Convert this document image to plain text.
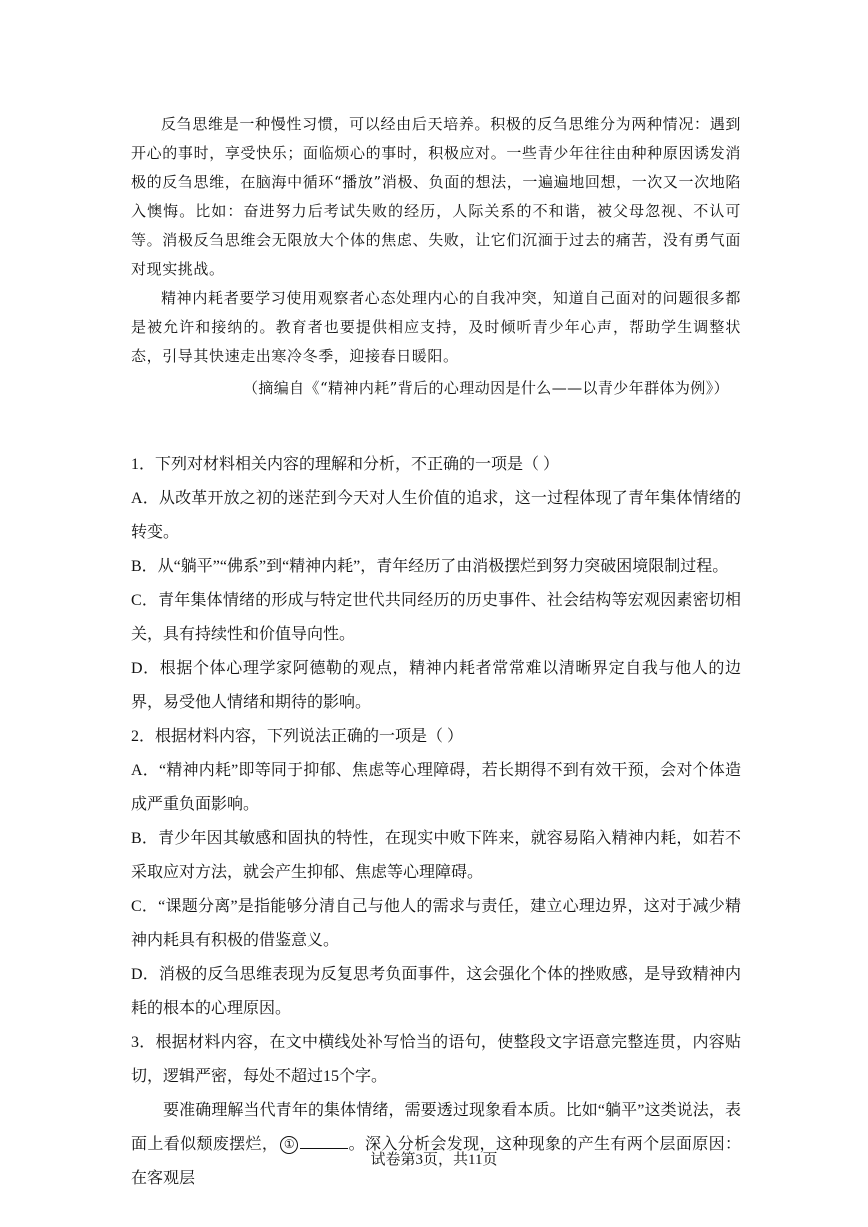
反刍思维是一种慢性习惯，可以经由后天培养。积极的反刍思维分为两种情况：遇到开心的事时，享受快乐；面临烦心的事时，积极应对。一些青少年往往由种种原因诱发消极的反刍思维，在脑海中循环“播放”消极、负面的想法，一遍遍地回想，一次又一次地陷入懊悔。比如：奋进努力后考试失败的经历，人际关系的不和谐，被父母忽视、不认可等。消极反刍思维会无限放大个体的焦虑、失败，让它们沉湎于过去的痛苦，没有勇气面对现实挑战。

精神内耗者要学习使用观察者心态处理内心的自我冲突，知道自己面对的问题很多都是被允许和接纳的。教育者也要提供相应支持，及时倾听青少年心声，帮助学生调整状态，引导其快速走出寒冷冬季，迎接春日暖阳。

（摘编自《“精神内耗”背后的心理动因是什么——以青少年群体为例》）

1．下列对材料相关内容的理解和分析，不正确的一项是（ ）

A．从改革开放之初的迷茫到今天对人生价值的追求，这一过程体现了青年集体情绪的转变。

B．从“躺平”“佛系”到“精神内耗”，青年经历了由消极摆烂到努力突破困境限制过程。

C．青年集体情绪的形成与特定世代共同经历的历史事件、社会结构等宏观因素密切相关，具有持续性和价值导向性。

D．根据个体心理学家阿德勒的观点，精神内耗者常常难以清晰界定自我与他人的边界，易受他人情绪和期待的影响。

2．根据材料内容，下列说法正确的一项是（ ）

A．“精神内耗”即等同于抑郁、焦虑等心理障碍，若长期得不到有效干预，会对个体造成严重负面影响。

B．青少年因其敏感和固执的特性，在现实中败下阵来，就容易陷入精神内耗，如若不采取应对方法，就会产生抑郁、焦虑等心理障碍。

C．“课题分离”是指能够分清自己与他人的需求与责任，建立心理边界，这对于减少精神内耗具有积极的借鉴意义。

D．消极的反刍思维表现为反复思考负面事件，这会强化个体的挫败感，是导致精神内耗的根本的心理原因。

3．根据材料内容，在文中横线处补写恰当的语句，使整段文字语意完整连贯，内容贴切，逻辑严密，每处不超过15个字。

要准确理解当代青年的集体情绪，需要透过现象看本质。比如“躺平”这类说法，表面上看似颓废摆烂， ①	。深入分析会发现，这种现象的产生有两个层面原因：在客观层

试卷第3页，共11页
